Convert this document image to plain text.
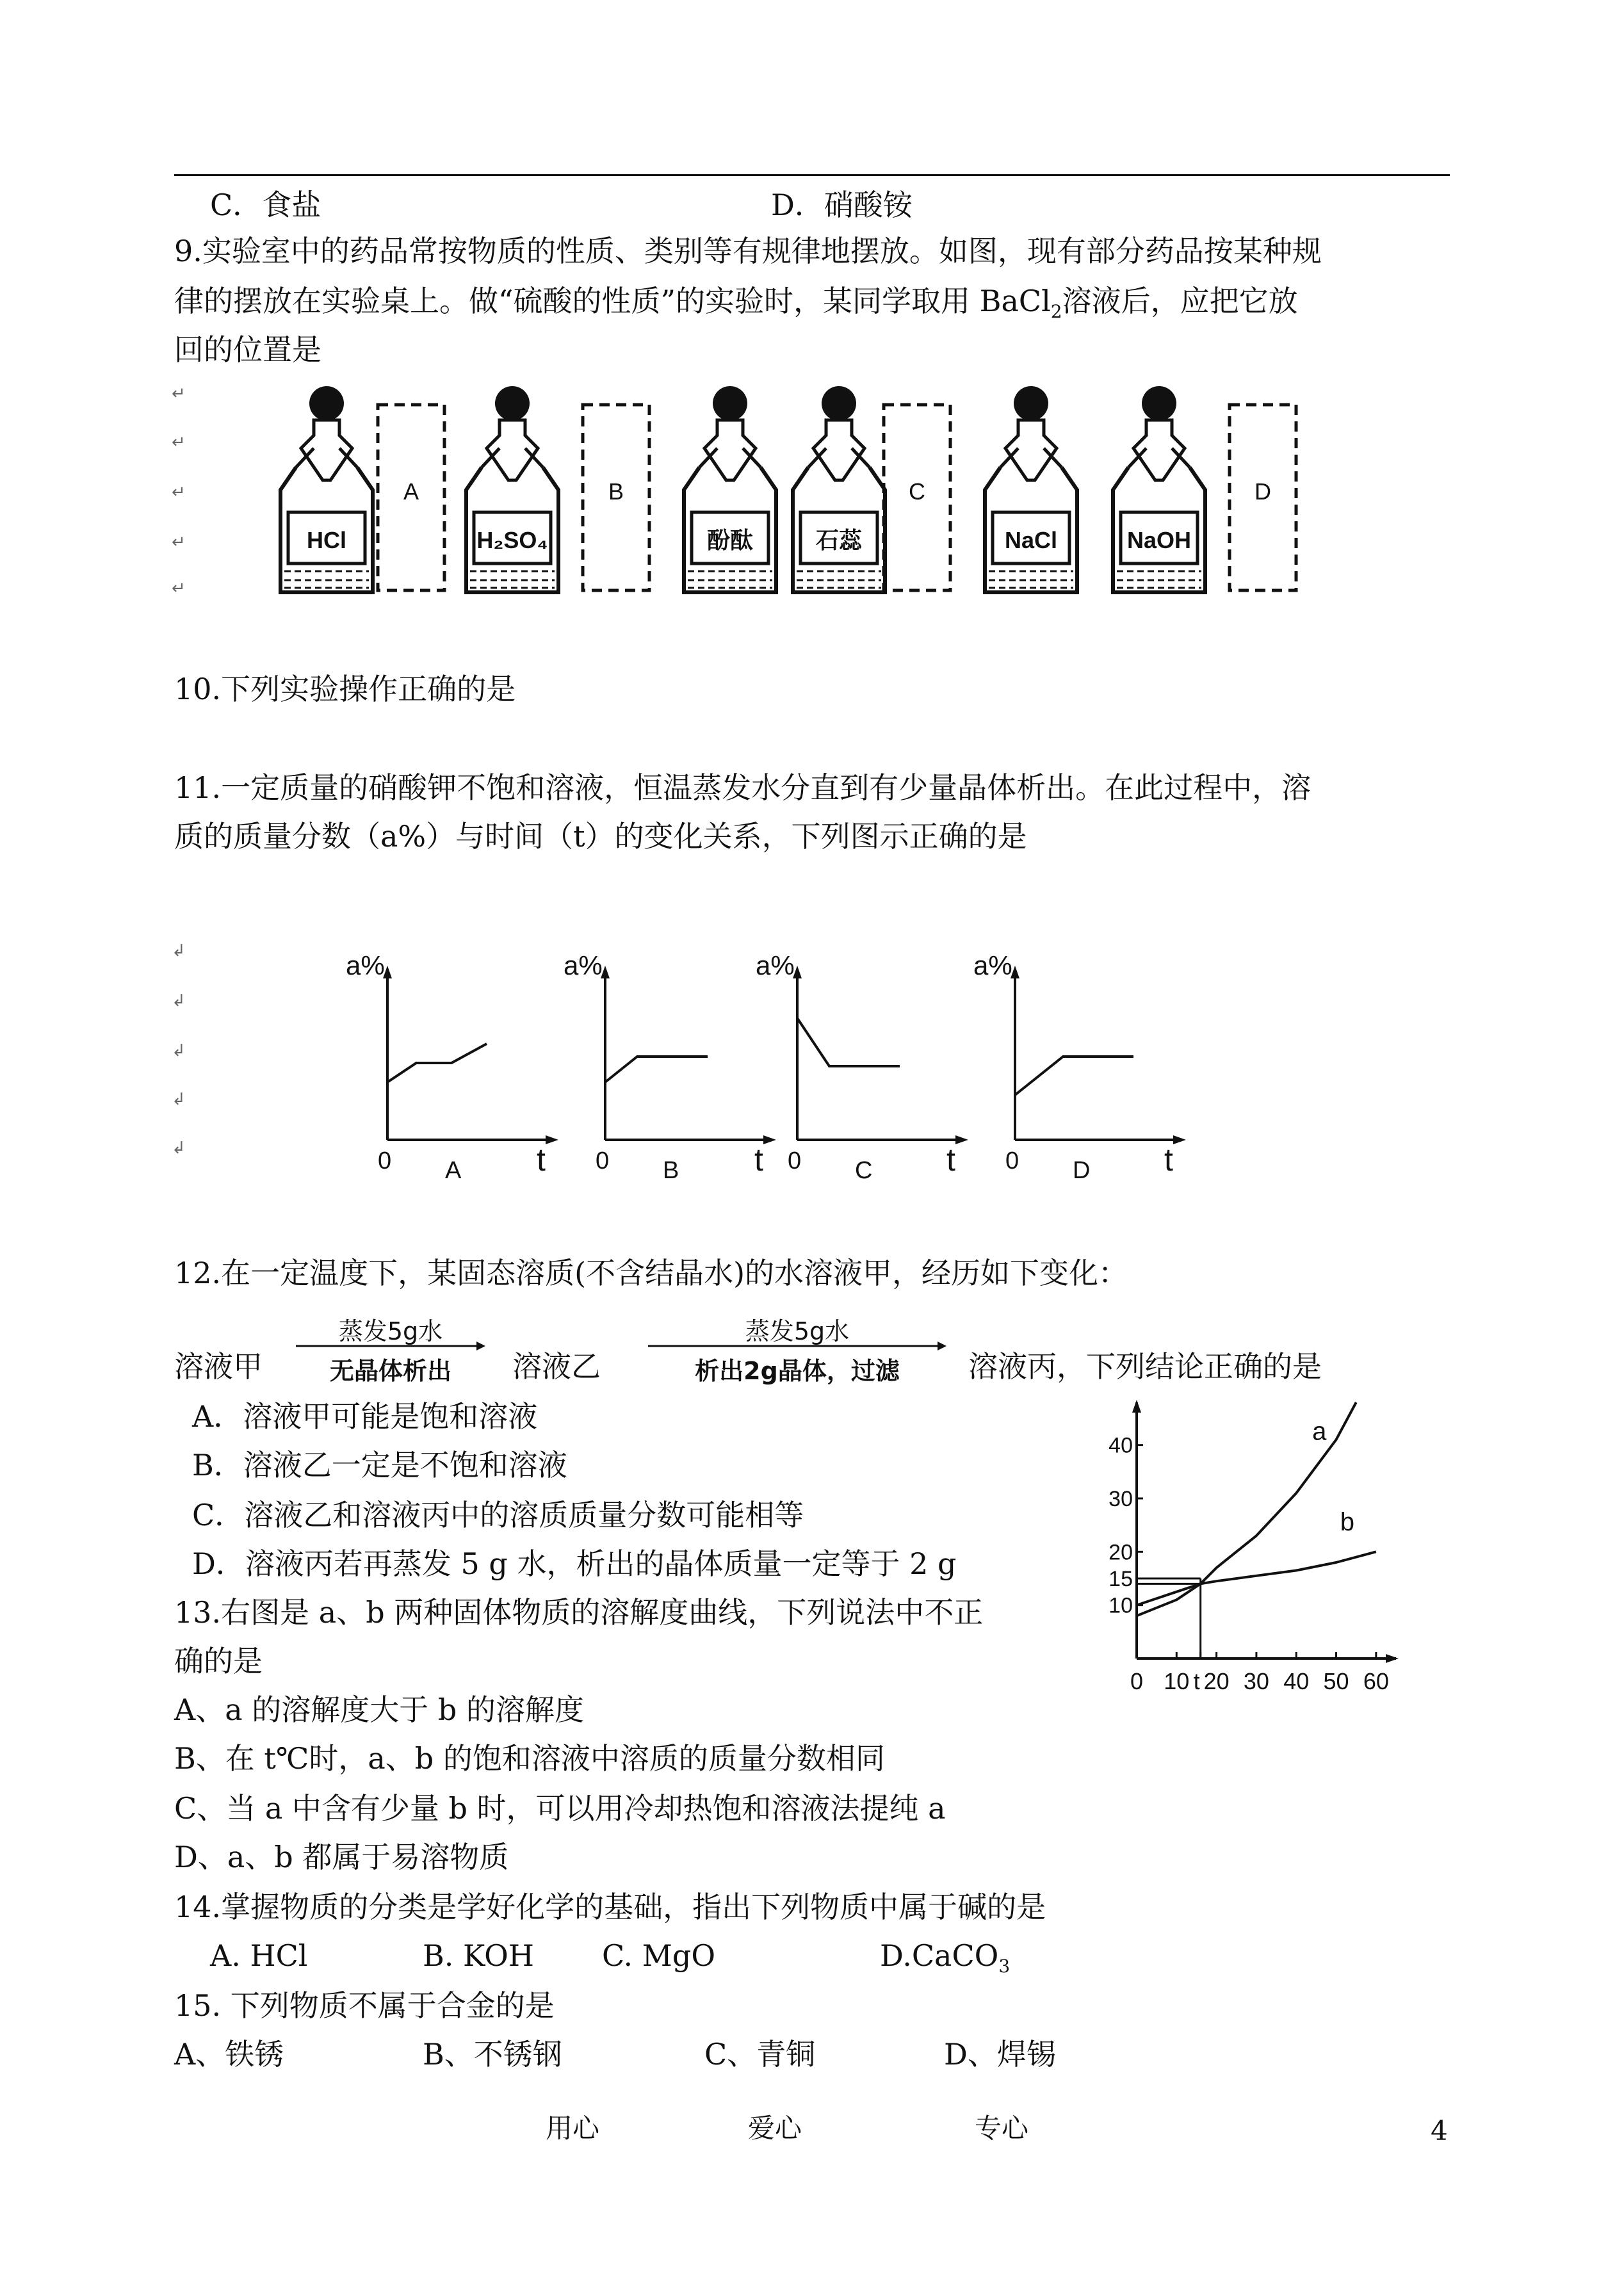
C．食盐	D．硝酸铵
9.实验室中的药品常按物质的性质、类别等有规律地摆放。如图，现有部分药品按某种规
律的摆放在实验桌上。做“硫酸的性质”的实验时，某同学取用 BaCl$_2$溶液后，应把它放
回的位置是
↵
↵
↵
↵
↵
HCl	H₂SO₄	酚酞	石蕊	NaCl	NaOH
A	B	C	D
10.下列实验操作正确的是
11.一定质量的硝酸钾不饱和溶液，恒温蒸发水分直到有少量晶体析出。在此过程中，溶
质的质量分数（a%）与时间（t）的变化关系，下列图示正确的是
↲
↲
↲
↲
↲
a%
0	t
A
a%
0	t
B
a%
0	t
C
a%
0	t
D
12.在一定温度下，某固态溶质(不含结晶水)的水溶液甲，经历如下变化：
溶液甲
蒸发5g水
无晶体析出	溶液乙
蒸发5g水
析出2g晶体，过滤	溶液丙，下列结论正确的是
A．溶液甲可能是饱和溶液
B．溶液乙一定是不饱和溶液
C．溶液乙和溶液丙中的溶质质量分数可能相等
D．溶液丙若再蒸发 5 g 水，析出的晶体质量一定等于 2 g
13.右图是 a、b 两种固体物质的溶解度曲线，下列说法中不正
确的是
A、a 的溶解度大于 b 的溶解度
B、在 t℃时，a、b 的饱和溶液中溶质的质量分数相同
C、当 a 中含有少量 b 时，可以用冷却热饱和溶液法提纯 a
D、a、b 都属于易溶物质
0 10 t 20 30 40 50 60
10
15
20
30
40
a
b
14.掌握物质的分类是学好化学的基础，指出下列物质中属于碱的是
A. HCl	B. KOH C. MgO	D.CaCO$_3$
15. 下列物质不属于合金的是
A、铁锈	B、不锈钢	C、青铜	D、焊锡
用心	爱心	专心	4
